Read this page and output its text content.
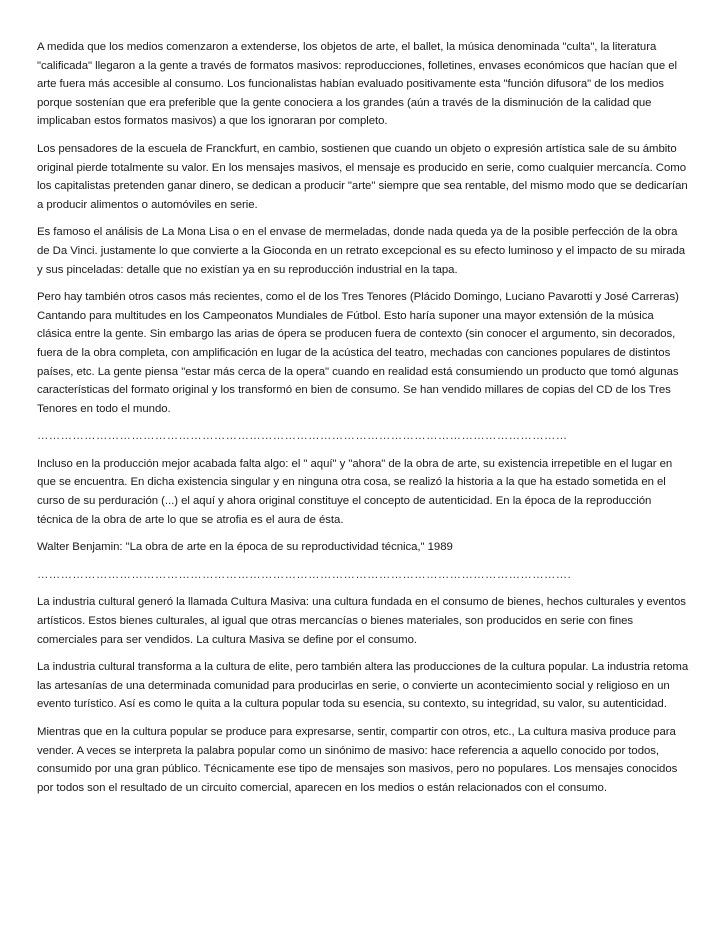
A medida que los medios comenzaron a extenderse, los objetos de arte, el ballet, la música denominada "culta", la literatura "calificada" llegaron a la gente a través de formatos masivos: reproducciones, folletines, envases económicos que hacían que el arte fuera más accesible al consumo. Los funcionalistas habían evaluado positivamente esta "función difusora" de los medios porque sostenían que era preferible que la gente conociera a los grandes (aún a través de la disminución de la calidad que implicaban estos formatos masivos) a que los ignoraran por completo.

Los pensadores de la escuela de Franckfurt, en cambio, sostienen que cuando un objeto o expresión artística sale de su ámbito original pierde totalmente su valor. En los mensajes masivos, el mensaje es producido en serie, como cualquier mercancía. Como los capitalistas pretenden ganar dinero, se dedican a producir "arte" siempre que sea rentable, del mismo modo que se dedicarían a producir alimentos o automóviles en serie.

Es famoso el análisis de La Mona Lisa o en el envase de mermeladas, donde nada queda ya de la posible perfección de la obra de Da Vinci. justamente lo que convierte a la Gioconda en un retrato excepcional es su efecto luminoso y el impacto de su mirada y sus pinceladas: detalle que no existían ya en su reproducción industrial en la tapa.

Pero hay también otros casos más recientes, como el de los Tres Tenores (Plácido Domingo, Luciano Pavarotti y José Carreras) Cantando para multitudes en los Campeonatos Mundiales de Fútbol. Esto haría suponer una mayor extensión de la música clásica entre la gente. Sin embargo las arias de ópera se producen fuera de contexto (sin conocer el argumento, sin decorados, fuera de la obra completa, con amplificación en lugar de la acústica del teatro, mechadas con canciones populares de distintos países, etc. La gente piensa "estar más cerca de la opera" cuando en realidad está consumiendo un producto que tomó algunas características del formato original y los transformó en bien de consumo. Se han vendido millares de copias del CD de los Tres Tenores en todo el mundo.

………………………………………………………………………………………………………………………

Incluso en la producción mejor acabada falta algo: el " aquí" y "ahora" de la obra de arte, su existencia irrepetible en el lugar en que se encuentra. En dicha existencia singular y en ninguna otra cosa, se realizó la historia a la que ha estado sometida en el curso de su perduración (...) el aquí y ahora original constituye el concepto de autenticidad. En la época de la reproducción técnica de la obra de arte lo que se atrofia es el aura de ésta.

Walter Benjamin: "La obra de arte en la época de su reproductividad técnica," 1989

……………………………………………………………………………………………………………………….

La industria cultural generó la llamada Cultura Masiva: una cultura fundada en el consumo de bienes, hechos culturales y eventos artísticos. Estos bienes culturales, al igual que otras mercancías o bienes materiales, son producidos en serie con fines comerciales para ser vendidos. La cultura Masiva se define por el consumo.

La industria cultural transforma a la cultura de elite, pero también altera las producciones de la cultura popular. La industria retoma las artesanías de una determinada comunidad para producirlas en serie, o convierte un acontecimiento social y religioso en un evento turístico. Así es como le quita a la cultura popular toda su esencia, su contexto, su integridad, su valor, su autenticidad.

Mientras que en la cultura popular se produce para expresarse, sentir, compartir con otros, etc., La cultura masiva produce para vender. A veces se interpreta la palabra popular como un sinónimo de masivo: hace referencia a aquello conocido por todos, consumido por una gran público. Técnicamente ese tipo de mensajes son masivos, pero no populares. Los mensajes conocidos por todos son el resultado de un circuito comercial, aparecen en los medios o están relacionados con el consumo.
